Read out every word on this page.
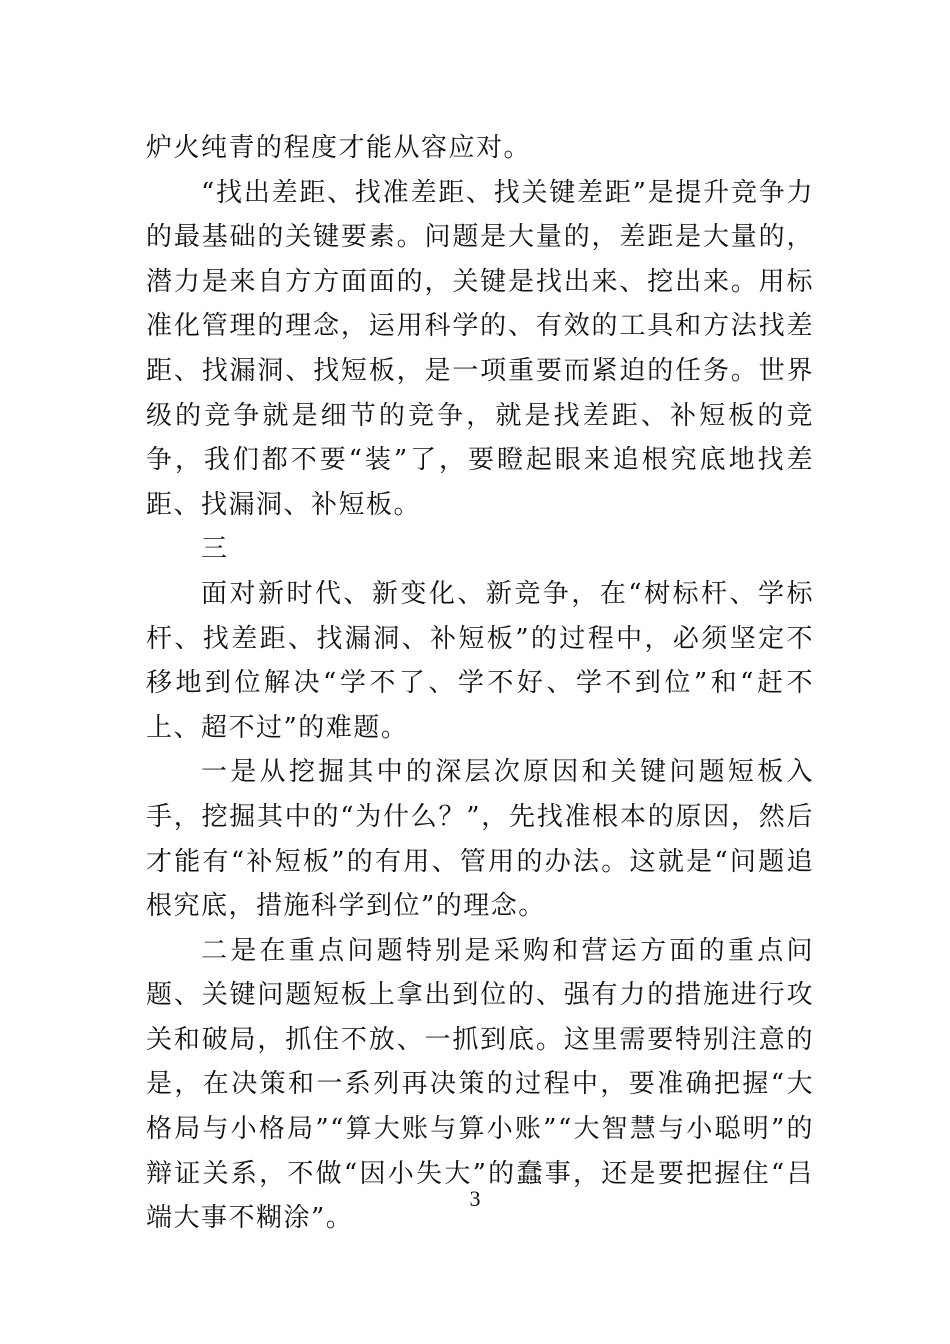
炉火纯青的程度才能从容应对。

“找出差距、找准差距、找关键差距”是提升竞争力的最基础的关键要素。问题是大量的，差距是大量的，潜力是来自方方面面的，关键是找出来、挖出来。用标准化管理的理念，运用科学的、有效的工具和方法找差距、找漏洞、找短板，是一项重要而紧迫的任务。世界级的竞争就是细节的竞争，就是找差距、补短板的竞争，我们都不要“装”了，要瞪起眼来追根究底地找差距、找漏洞、补短板。

三

面对新时代、新变化、新竞争，在“树标杆、学标杆、找差距、找漏洞、补短板”的过程中，必须坚定不移地到位解决“学不了、学不好、学不到位”和“赶不上、超不过”的难题。

一是从挖掘其中的深层次原因和关键问题短板入手，挖掘其中的“为什么？”，先找准根本的原因，然后才能有“补短板”的有用、管用的办法。这就是“问题追根究底，措施科学到位”的理念。

二是在重点问题特别是采购和营运方面的重点问题、关键问题短板上拿出到位的、强有力的措施进行攻关和破局，抓住不放、一抓到底。这里需要特别注意的是，在决策和一系列再决策的过程中，要准确把握“大格局与小格局”“算大账与算小账”“大智慧与小聪明”的辩证关系，不做“因小失大”的蠢事，还是要把握住“吕端大事不糊涂”。

3
